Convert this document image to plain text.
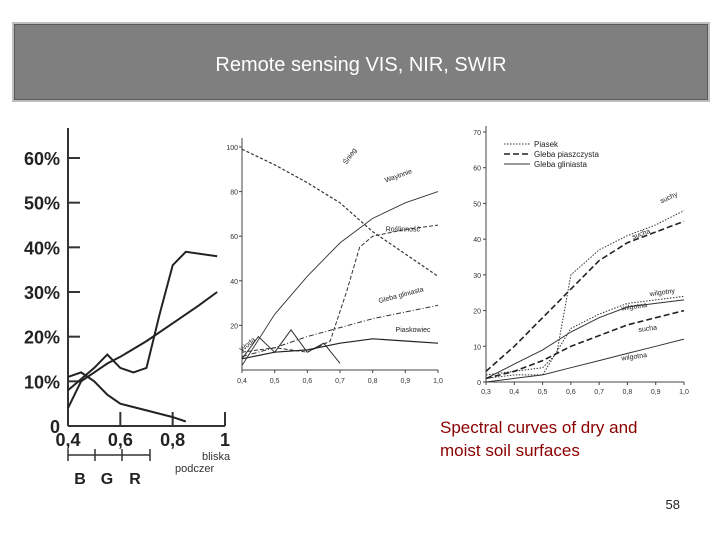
Remote sensing VIS, NIR, SWIR
60%
50%
40%
30%
20%
10%
0
0,4 0,6 0,8 1
B G R
bliska
podczer
100
80
60
40
20
0,4	0,5	0,6	0,7	0,8	0,9	1,0
Śnieg
Woda
Wayinnie
Roślinność
Gleba gliniasta
Piaskowiec
70
60
50
40
30
20
10
0
0,3	0,4	0,5	0,6	0,7	0,8	0,9	1,0
Piasek
Gleba piaszczysta
Gleba gliniasta
suchy
sucha
wilgotny
wilgotna
sucha
wilgotna
Spectral curves of dry and
moist soil surfaces
58
